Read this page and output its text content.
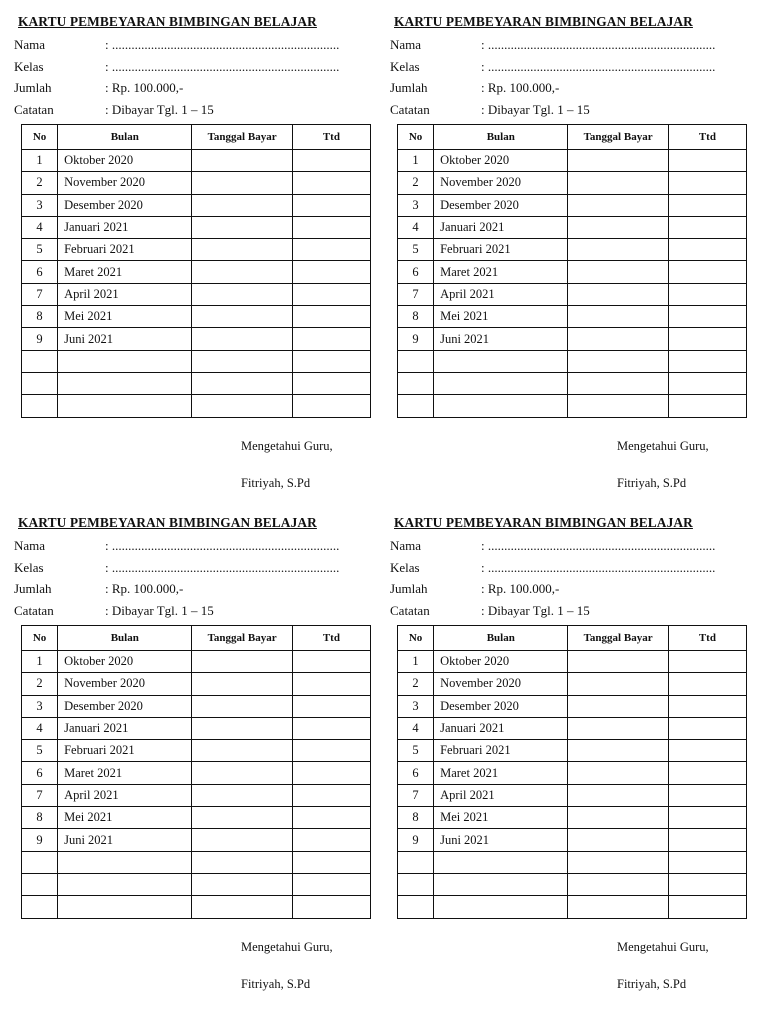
KARTU PEMBEYARAN BIMBINGAN BELAJAR
Nama	: ......................................................................
Kelas	: ......................................................................
Jumlah	: Rp. 100.000,-
Catatan	: Dibayar Tgl. 1 – 15
No	Bulan	Tanggal Bayar	Ttd
1	Oktober 2020		
2	November 2020		
3	Desember 2020		
4	Januari 2021		
5	Februari 2021		
6	Maret 2021		
7	April 2021		
8	Mei 2021		
9	Juni 2021		

Mengetahui Guru,
Fitriyah, S.Pd
KARTU PEMBEYARAN BIMBINGAN BELAJAR
Nama	: ......................................................................
Kelas	: ......................................................................
Jumlah	: Rp. 100.000,-
Catatan	: Dibayar Tgl. 1 – 15
No	Bulan	Tanggal Bayar	Ttd
1	Oktober 2020		
2	November 2020		
3	Desember 2020		
4	Januari 2021		
5	Februari 2021		
6	Maret 2021		
7	April 2021		
8	Mei 2021		
9	Juni 2021		

Mengetahui Guru,
Fitriyah, S.Pd
KARTU PEMBEYARAN BIMBINGAN BELAJAR
Nama	: ......................................................................
Kelas	: ......................................................................
Jumlah	: Rp. 100.000,-
Catatan	: Dibayar Tgl. 1 – 15
No	Bulan	Tanggal Bayar	Ttd
1	Oktober 2020		
2	November 2020		
3	Desember 2020		
4	Januari 2021		
5	Februari 2021		
6	Maret 2021		
7	April 2021		
8	Mei 2021		
9	Juni 2021		

Mengetahui Guru,
Fitriyah, S.Pd
KARTU PEMBEYARAN BIMBINGAN BELAJAR
Nama	: ......................................................................
Kelas	: ......................................................................
Jumlah	: Rp. 100.000,-
Catatan	: Dibayar Tgl. 1 – 15
No	Bulan	Tanggal Bayar	Ttd
1	Oktober 2020		
2	November 2020		
3	Desember 2020		
4	Januari 2021		
5	Februari 2021		
6	Maret 2021		
7	April 2021		
8	Mei 2021		
9	Juni 2021		

Mengetahui Guru,
Fitriyah, S.Pd
